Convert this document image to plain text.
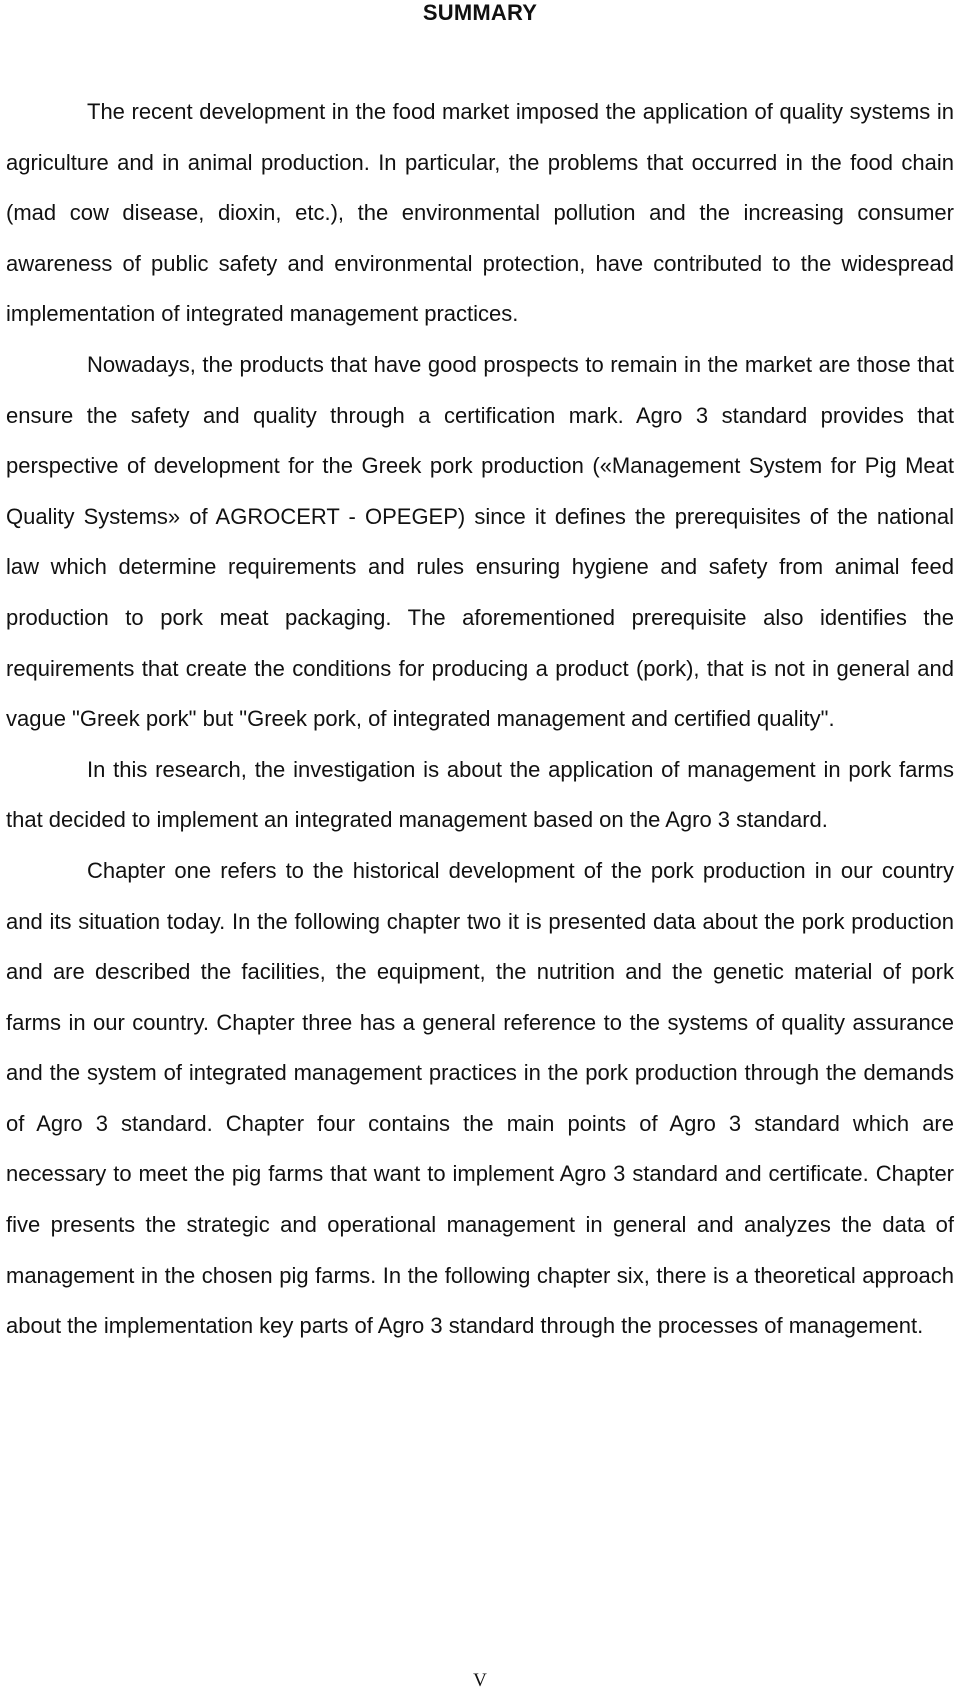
SUMMARY

The recent development in the food market imposed the application of quality systems in agriculture and in animal production. In particular, the problems that occurred in the food chain (mad cow disease, dioxin, etc.), the environmental pollution and the increasing consumer awareness of public safety and environmental protection, have contributed to the widespread implementation of integrated management practices.

Nowadays, the products that have good prospects to remain in the market are those that ensure the safety and quality through a certification mark. Agro 3 standard provides that perspective of development for the Greek pork production («Management System for Pig Meat Quality Systems» of AGROCERT - OPEGEP) since it defines the prerequisites of the national law which determine requirements and rules ensuring hygiene and safety from animal feed production to pork meat packaging. The aforementioned prerequisite also identifies the requirements that create the conditions for producing a product (pork), that is not in general and vague "Greek pork" but "Greek pork, of integrated management and certified quality".

In this research, the investigation is about the application of management in pork farms that decided to implement an integrated management based on the Agro 3 standard.

Chapter one refers to the historical development of the pork production in our country and its situation today. In the following chapter two it is presented data about the pork production and are described the facilities, the equipment, the nutrition and the genetic material of pork farms in our country. Chapter three has a general reference to the systems of quality assurance and the system of integrated management practices in the pork production through the demands of Agro 3 standard. Chapter four contains the main points of Agro 3 standard which are necessary to meet the pig farms that want to implement Agro 3 standard and certificate. Chapter five presents the strategic and operational management in general and analyzes the data of management in the chosen pig farms. In the following chapter six, there is a theoretical approach about the implementation key parts of Agro 3 standard through the processes of management.

V
